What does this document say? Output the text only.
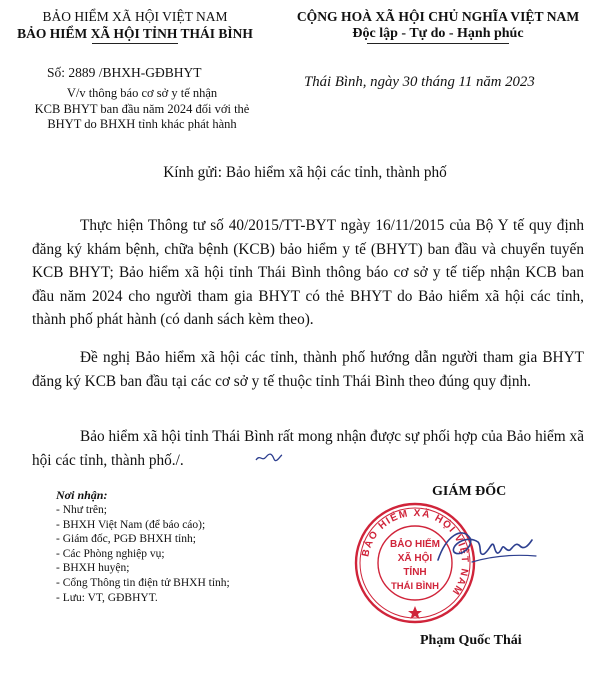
BẢO HIỂM XÃ HỘI VIỆT NAM
BẢO HIỂM XÃ HỘI TỈNH THÁI BÌNH
Số: 2889 /BHXH-GĐBHYT
V/v thông báo cơ sở y tế nhận
KCB BHYT ban đầu năm 2024 đối với thẻ
BHYT do BHXH tỉnh khác phát hành
CỘNG HOÀ XÃ HỘI CHỦ NGHĨA VIỆT NAM
Độc lập - Tự do - Hạnh phúc
Thái Bình, ngày 30 tháng 11 năm 2023
Kính gửi: Bảo hiểm xã hội các tỉnh, thành phố
Thực hiện Thông tư số 40/2015/TT-BYT ngày 16/11/2015 của Bộ Y tế quy định đăng ký khám bệnh, chữa bệnh (KCB) bảo hiểm y tế (BHYT) ban đầu và chuyển tuyến KCB BHYT; Bảo hiểm xã hội tỉnh Thái Bình thông báo cơ sở y tế tiếp nhận KCB ban đầu năm 2024 cho người tham gia BHYT có thẻ BHYT do Bảo hiểm xã hội các tỉnh, thành phố phát hành (có danh sách kèm theo).
Đề nghị Bảo hiểm xã hội các tỉnh, thành phố hướng dẫn người tham gia BHYT đăng ký KCB ban đầu tại các cơ sở y tế thuộc tỉnh Thái Bình theo đúng quy định.
Bảo hiểm xã hội tỉnh Thái Bình rất mong nhận được sự phối hợp của Bảo hiểm xã hội các tỉnh, thành phố./.
Nơi nhận:
- Như trên;
- BHXH Việt Nam (để báo cáo);
- Giám đốc, PGĐ BHXH tỉnh;
- Các Phòng nghiệp vụ;
- BHXH huyện;
- Cổng Thông tin điện tử BHXH tỉnh;
- Lưu: VT, GĐBHYT.
GIÁM ĐỐC
BẢO HIỂM XÃ HỘI VIỆT NAM
BẢO HIỂM
XÃ HỘI
TỈNH
THÁI BÌNH
Phạm Quốc Thái
